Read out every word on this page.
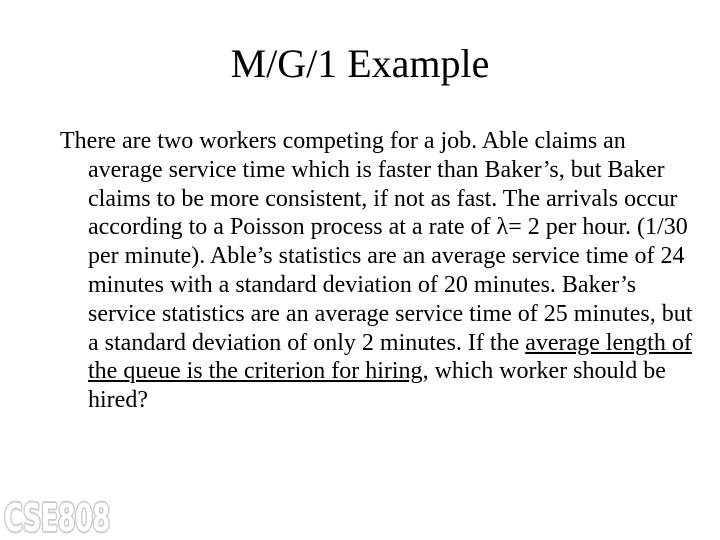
M/G/1 Example

There are two workers competing for a job. Able claims an average service time which is faster than Baker’s, but Baker claims to be more consistent, if not as fast. The arrivals occur according to a Poisson process at a rate of λ= 2 per hour. (1/30 per minute). Able’s statistics are an average service time of 24 minutes with a standard deviation of 20 minutes. Baker’s service statistics are an average service time of 25 minutes, but a standard deviation of only 2 minutes. If the average length of the queue is the criterion for hiring, which worker should be hired?

CSE808
